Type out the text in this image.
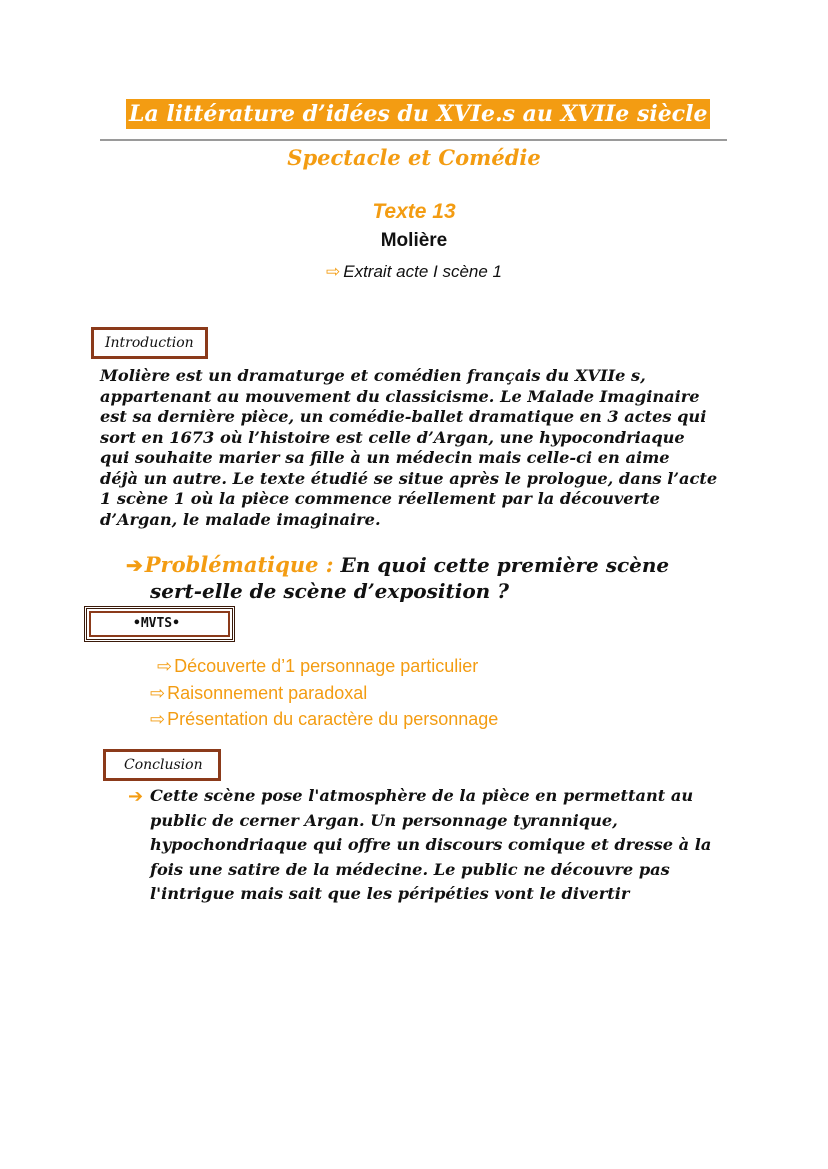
La littérature d’idées du XVIe.s au XVIIe siècle
Spectacle et Comédie
Texte 13
Molière
⇨ Extrait acte I scène 1
Introduction

Molière est un dramaturge et comédien français du XVIIe s,

appartenant au mouvement du classicisme. Le Malade Imaginaire

est sa dernière pièce, un comédie-ballet dramatique en 3 actes qui

sort en 1673 où l’histoire est celle d’Argan, une hypocondriaque

qui souhaite marier sa fille à un médecin mais celle-ci en aime

déjà un autre. Le texte étudié se situe après le prologue, dans l’acte

1 scène 1 où la pièce commence réellement par la découverte

d’Argan, le malade imaginaire.

➔Problématique : En quoi cette première scène
sert-elle de scène d’exposition ?
•MVTS•
⇨ Découverte d’1 personnage particulier
⇨ Raisonnement paradoxal
⇨ Présentation du caractère du personnage
Conclusion
➔ Cette scène pose l'atmosphère de la pièce en permettant au

public de cerner Argan. Un personnage tyrannique,

hypochondriaque qui offre un discours comique et dresse à la

fois une satire de la médecine. Le public ne découvre pas

l'intrigue mais sait que les péripéties vont le divertir
